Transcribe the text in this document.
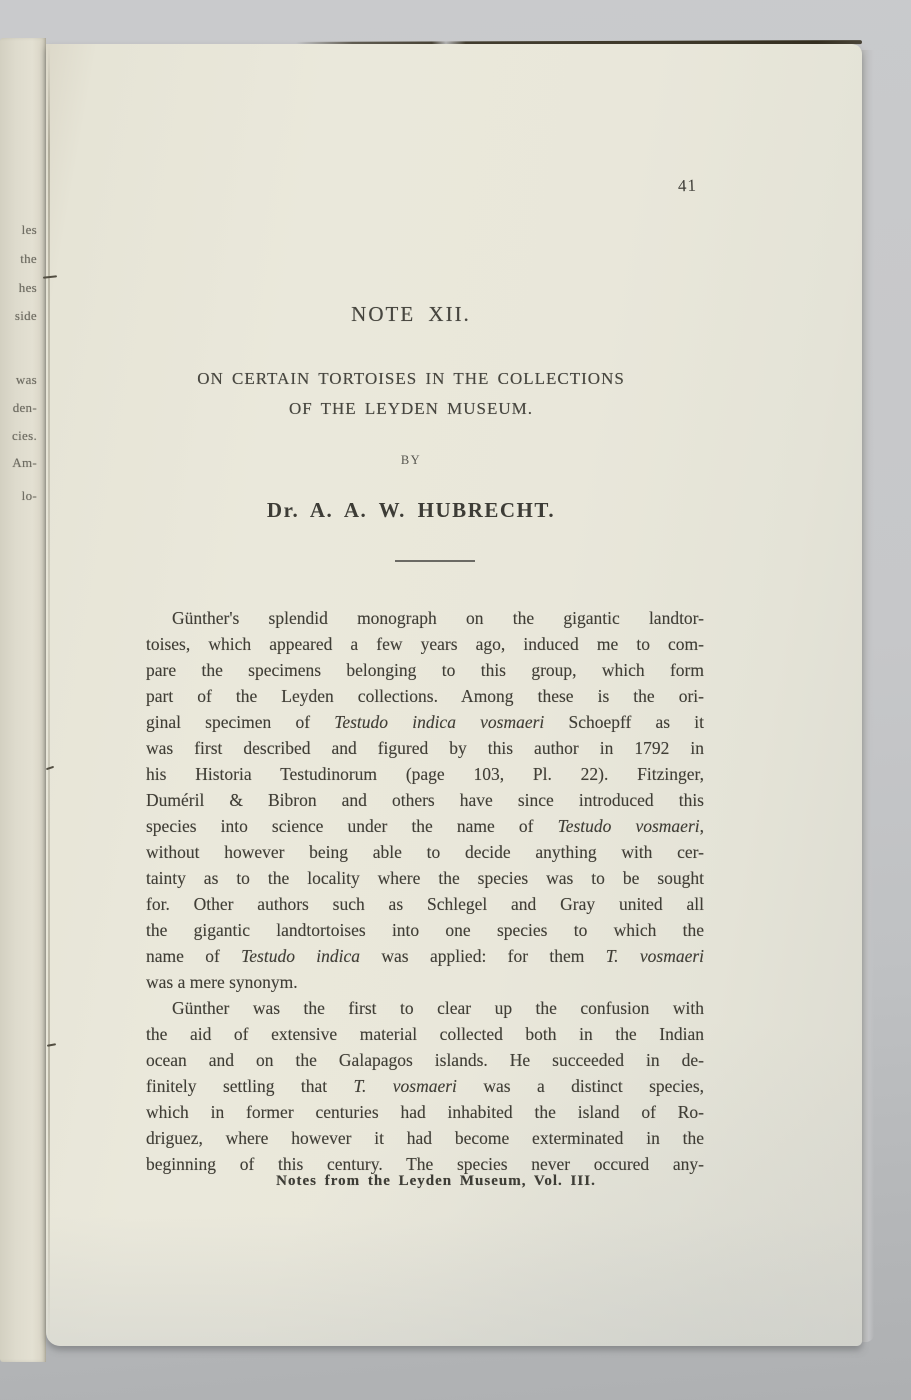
les
the
hes
side
was
den-
cies.
Am-
lo-
41
NOTE XII.
ON CERTAIN TORTOISES IN THE COLLECTIONS
OF THE LEYDEN MUSEUM.
BY
Dr. A. A. W. HUBRECHT.
Günther's splendid monograph on the gigantic landtor-
toises, which appeared a few years ago, induced me to com-
pare the specimens belonging to this group, which form
part of the Leyden collections. Among these is the ori-
ginal specimen of Testudo indica vosmaeri Schoepff as it
was first described and figured by this author in 1792 in
his Historia Testudinorum (page 103, Pl. 22). Fitzinger,
Duméril & Bibron and others have since introduced this
species into science under the name of Testudo vosmaeri,
without however being able to decide anything with cer-
tainty as to the locality where the species was to be sought
for. Other authors such as Schlegel and Gray united all
the gigantic landtortoises into one species to which the
name of Testudo indica was applied: for them T. vosmaeri
was a mere synonym.
Günther was the first to clear up the confusion with
the aid of extensive material collected both in the Indian
ocean and on the Galapagos islands. He succeeded in de-
finitely settling that T. vosmaeri was a distinct species,
which in former centuries had inhabited the island of Ro-
driguez, where however it had become exterminated in the
beginning of this century. The species never occured any-
Notes from the Leyden Museum, Vol. III.
